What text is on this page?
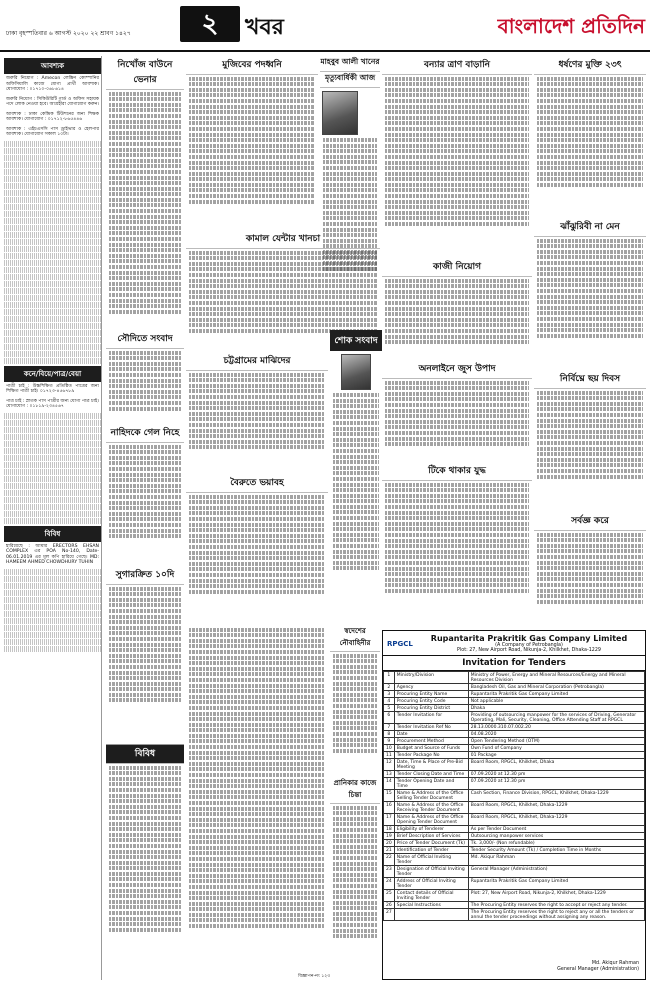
ঢাকা বৃহস্পতিবার ৬ আগস্ট ২০২০ ২২ শ্রাবণ ১৪২৭	২	খবর	বাংলাদেশ প্রতিদিন
আবশ্যক
জরুরি নিয়োগ : Amecon লেক্সিন কোম্পানির অফিসিয়ালি কাজে যোগ্য প্রার্থী আবশ্যক। যোগাযোগ : ০১৭১০-০৬৮৬১৪
জরুরি নিয়োগ : সিকিউরিটি গার্ড ও অফিস সহায়ক পদে লোক নেওয়া হবে। আগ্রহীরা যোগাযোগ করুন।
আবশ্যক : ঢাকা কেন্দ্রিক টিউশনের জন্য শিক্ষক আবশ্যক। যোগাযোগ : ০১৭১২-৮৬৫৪৪৬
আবশ্যক : এইচএসসি পাস ড্রাইভার ও হেলপার আবশ্যক। যোগাযোগ সকাল ১০টা।
কনে/বিয়ে/পাত্র/বেয়া
পাত্রী চাই : উচ্চশিক্ষিত প্রতিষ্ঠিত পাত্রের জন্য শিক্ষিত পাত্রী চাই। ০১৭২৩-৪৫৬৭৮৯
পাত্র চাই : স্নাতক পাস পাত্রীর জন্য যোগ্য পাত্র চাই। যোগাযোগ : ০১৮১৯-২৩৪৫৬৭
বিবিধ
হারিয়েছে : আমার ERECTORS EHSAN COMPLEX এর POA No-140, Date-06.01.2019 এর মূল কপি হারিয়ে গেছে। MD: HAMEEM AHMED CHOWDHURY TUHIN
নিখোঁজ বাউনে ভেনার
মুজিবের পদধ্বনি	মাহবুব আলী খানের
মৃত্যুবার্ষিকী আজ
বন্যার ত্রাণ বাড়ানি	ধর্ষণের মুক্তি ২৩ৎ
ঝাঁঝুরিবী না মেন
নির্বিঘ্নে ছয় দিবস
সর্বজ্ঞ করে
কামাল যেন্টার খানচা
সৌদিতে সংবাদ	শোক সংবাদ
কাজী নিয়োগ
অনলাইনে জুস উপাদ
টিকে থাকার যুদ্ধ
নাহিদকে গেল নিহে
চট্টগ্রামের মাঝিদের
বৈরুতে ভয়াবহ
সুগারক্রিত ১০দি
বিবিধ
স্বদেশের নৌবাহিনীর
প্রানিকার কাজে চিন্তা
RPGCL
Rupantarita Prakritik Gas Company Limited
(A Company of Petrobangla)
Plot: 27, New Airport Road, Nikunja-2, Khilkhet, Dhaka-1229
Invitation for Tenders
1	Ministry/Division	Ministry of Power, Energy and Mineral Resources/Energy and Mineral Resources Division
2	Agency	Bangladesh Oil, Gas and Mineral Corporation (Petrobangla)
3	Procuring Entity Name	Rupantarita Prakritik Gas Company Limited
4	Procuring Entity Code	Not applicable
5	Procuring Entity District	Dhaka
6	Tender Invitation for	Providing of outsourcing manpower for the services of Driving, Generator Operating, Mali, Security, Cleaning, Office Attending Staff at RPGCL
7	Tender Invitation Ref No	28.13.0000.310.07.002.20
8	Date	04.08.2020
9	Procurement Method	Open Tendering Method (OTM)
10	Budget and Source of Funds	Own Fund of Company
11	Tender Package No	01 Package
12	Date, Time & Place of Pre-Bid Meeting	Board Room, RPGCL, Khilkhet, Dhaka
13	Tender Closing Date and Time	07.09.2020 at 12.30 pm
14	Tender Opening Date and Time	07.09.2020 at 12.30 pm
15	Name & Address of the Office Selling Tender Document	Cash Section, Finance Division, RPGCL, Khilkhet, Dhaka-1229
16	Name & Address of the Office Receiving Tender Document	Board Room, RPGCL, Khilkhet, Dhaka-1229
17	Name & Address of the Office Opening Tender Document	Board Room, RPGCL, Khilkhet, Dhaka-1229
18	Eligibility of Tenderer	As per Tender Document
19	Brief Description of Services	Outsourcing manpower services
20	Price of Tender Document (Tk)	Tk. 3,000/- (Non refundable)
21	Identification of Tender	Tender Security Amount (Tk) / Completion Time in Months
22	Name of Official Inviting Tender	Md. Akiqur Rahman
23	Designation of Official Inviting Tender	General Manager (Administration)
24	Address of Official Inviting Tender	Rupantarita Prakritik Gas Company Limited
25	Contact details of Official Inviting Tender	Plot: 27, New Airport Road, Nikunja-2, Khilkhet, Dhaka-1229
26	Special Instructions	The Procuring Entity reserves the right to accept or reject any tender.
27		The Procuring Entity reserves the right to reject any or all the tenders or annul the tender proceedings without assigning any reason.
Md. Akiqur Rahman
General Manager (Administration)
বিজ্ঞাপন-নং ১২৩
